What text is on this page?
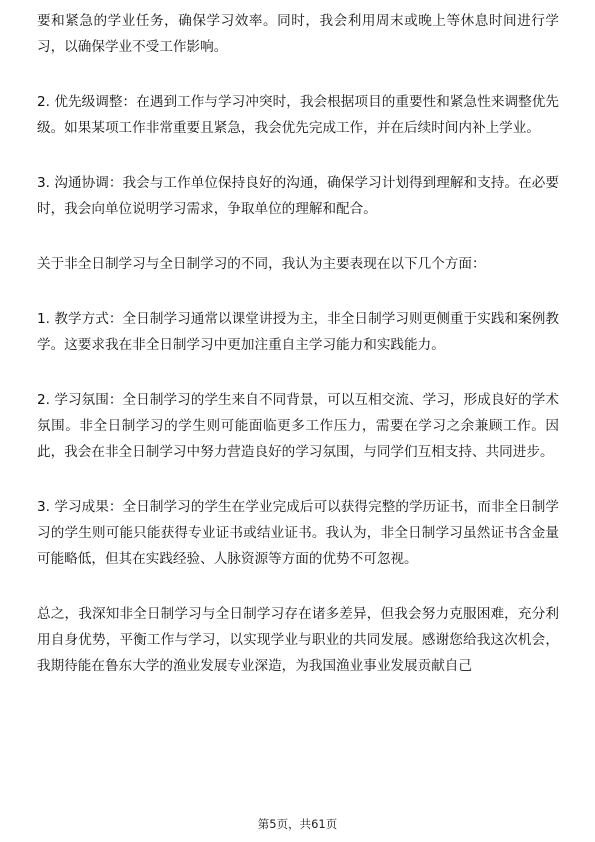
要和紧急的学业任务，确保学习效率。同时，我会利用周末或晚上等休息时间进行学习，以确保学业不受工作影响。

2. 优先级调整：在遇到工作与学习冲突时，我会根据项目的重要性和紧急性来调整优先级。如果某项工作非常重要且紧急，我会优先完成工作，并在后续时间内补上学业。

3. 沟通协调：我会与工作单位保持良好的沟通，确保学习计划得到理解和支持。在必要时，我会向单位说明学习需求，争取单位的理解和配合。

关于非全日制学习与全日制学习的不同，我认为主要表现在以下几个方面：

1. 教学方式：全日制学习通常以课堂讲授为主，非全日制学习则更侧重于实践和案例教学。这要求我在非全日制学习中更加注重自主学习能力和实践能力。

2. 学习氛围：全日制学习的学生来自不同背景，可以互相交流、学习，形成良好的学术氛围。非全日制学习的学生则可能面临更多工作压力，需要在学习之余兼顾工作。因此，我会在非全日制学习中努力营造良好的学习氛围，与同学们互相支持、共同进步。

3. 学习成果：全日制学习的学生在学业完成后可以获得完整的学历证书，而非全日制学习的学生则可能只能获得专业证书或结业证书。我认为，非全日制学习虽然证书含金量可能略低，但其在实践经验、人脉资源等方面的优势不可忽视。

总之，我深知非全日制学习与全日制学习存在诸多差异，但我会努力克服困难，充分利用自身优势，平衡工作与学习，以实现学业与职业的共同发展。感谢您给我这次机会，我期待能在鲁东大学的渔业发展专业深造，为我国渔业事业发展贡献自己

第5页，共61页
